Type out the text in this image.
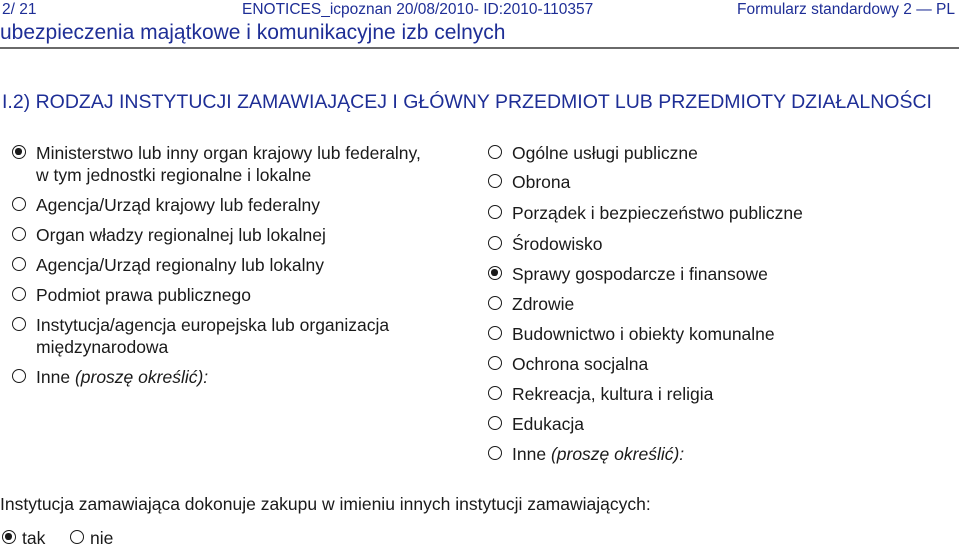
2/ 21	ENOTICES_icpoznan 20/08/2010- ID:2010-110357	Formularz standardowy 2 — PL
ubezpieczenia majątkowe i komunikacyjne izb celnych
I.2) RODZAJ INSTYTUCJI ZAMAWIAJĄCEJ I GŁÓWNY PRZEDMIOT LUB PRZEDMIOTY DZIAŁALNOŚCI
Ministerstwo lub inny organ krajowy lub federalny,
w tym jednostki regionalne i lokalne
Agencja/Urząd krajowy lub federalny
Organ władzy regionalnej lub lokalnej
Agencja/Urząd regionalny lub lokalny
Podmiot prawa publicznego
Instytucja/agencja europejska lub organizacja
międzynarodowa
Inne (proszę określić):
Ogólne usługi publiczne
Obrona
Porządek i bezpieczeństwo publiczne
Środowisko
Sprawy gospodarcze i finansowe
Zdrowie
Budownictwo i obiekty komunalne
Ochrona socjalna
Rekreacja, kultura i religia
Edukacja
Inne (proszę określić):
Instytucja zamawiająca dokonuje zakupu w imieniu innych instytucji zamawiających:
tak	nie
